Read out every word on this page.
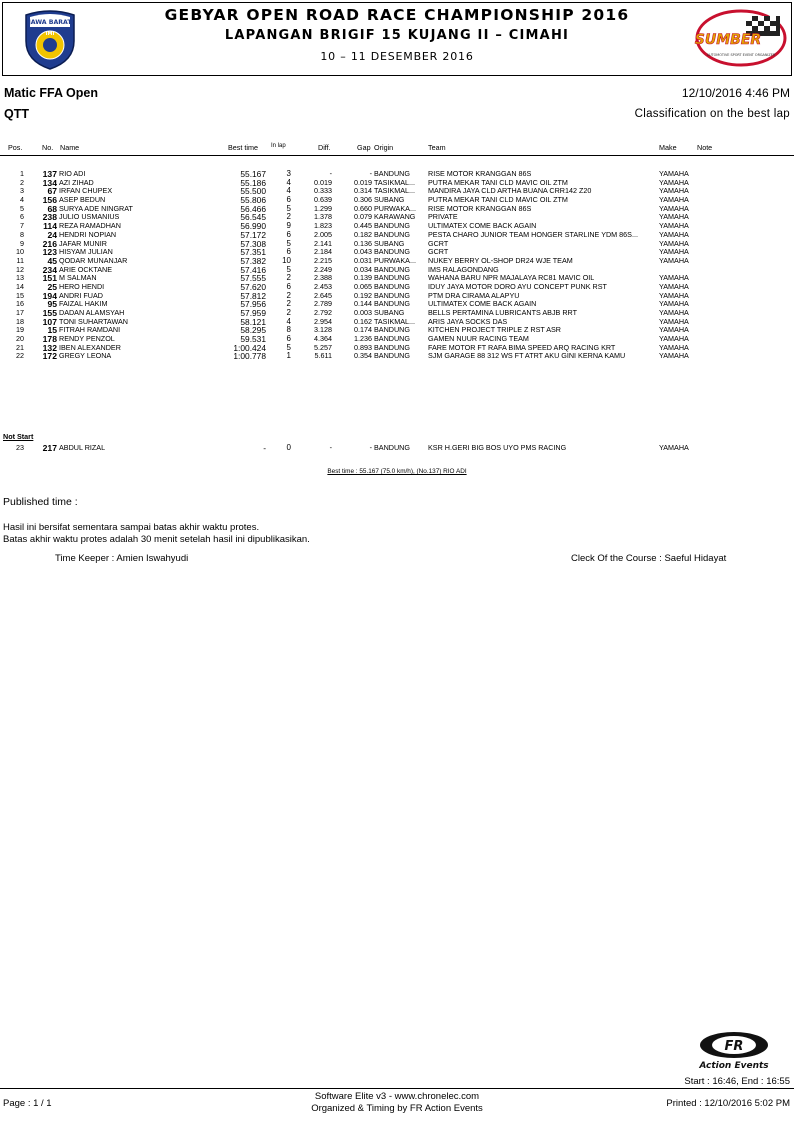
JAWA BARAT
IMI
GEBYAR OPEN ROAD RACE CHAMPIONSHIP 2016
LAPANGAN BRIGIF 15 KUJANG II – CIMAHI
10 – 11 DESEMBER 2016
SUMBER
AUTOMOTIVE SPORT EVENT ORGANIZER
Matic FFA Open
QTT
12/10/2016 4:46 PM
Classification on the best lap
Pos.	No. Name	Best time In lap	Diff.	Gap Origin	Team	Make	Note
1 137 RIO ADI	55.167	3	-	- BANDUNG	RISE MOTOR KRANGGAN 86S	YAMAHA
2 134 AZI ZIHAD	55.186	4	0.019	0.019 TASIKMAL...	PUTRA MEKAR TANI CLD MAVIC OIL ZTM	YAMAHA
3	67 IRFAN CHUPEX	55.500	4	0.333	0.314 TASIKMAL...	MANDIRA JAYA CLD ARTHA BUANA CRR142 Z20	YAMAHA
4 156 ASEP BEDUN	55.806	6	0.639	0.306 SUBANG	PUTRA MEKAR TANI CLD MAVIC OIL ZTM	YAMAHA
5	68 SURYA ADE NINGRAT	56.466	5	1.299	0.660 PURWAKA...	RISE MOTOR KRANGGAN 86S	YAMAHA
6 238 JULIO USMANIUS	56.545	2	1.378	0.079 KARAWANG	PRIVATE	YAMAHA
7 114 REZA RAMADHAN	56.990	9	1.823	0.445 BANDUNG	ULTIMATEX COME BACK AGAIN	YAMAHA
8	24 HENDRI NOPIAN	57.172	6	2.005	0.182 BANDUNG	PESTA CHARO JUNIOR TEAM HONGER STARLINE YDM 86S...	YAMAHA
9 216 JAFAR MUNIR	57.308	5	2.141	0.136 SUBANG	GCRT	YAMAHA
10 123 HISYAM JULIAN	57.351	6	2.184	0.043 BANDUNG	GCRT	YAMAHA
11	45 QODAR MUNANJAR	57.382 10	2.215	0.031 PURWAKA...	NUKEY BERRY OL-SHOP DR24 WJE TEAM	YAMAHA
12 234 ARIE OCKTANE	57.416	5	2.249	0.034 BANDUNG	IMS RALAGONDANG
13 151 M SALMAN	57.555	2	2.388	0.139 BANDUNG	WAHANA BARU NPR MAJALAYA RC81 MAVIC OIL	YAMAHA
14	25 HERO HENDI	57.620	6	2.453	0.065 BANDUNG	IDUY JAYA MOTOR DORO AYU CONCEPT PUNK RST	YAMAHA
15 194 ANDRI FUAD	57.812	2	2.645	0.192 BANDUNG	PTM DRA CIRAMA ALAPYU	YAMAHA
16	95 FAIZAL HAKIM	57.956	2	2.789	0.144 BANDUNG	ULTIMATEX COME BACK AGAIN	YAMAHA
17 155 DADAN ALAMSYAH	57.959	2	2.792	0.003 SUBANG	BELLS PERTAMINA LUBRICANTS ABJB RRT	YAMAHA
18 107 TONI SUHARTAWAN	58.121	4	2.954	0.162 TASIKMAL...	ARIS JAYA SOCKS DAS	YAMAHA
19	15 FITRAH RAMDANI	58.295	8	3.128	0.174 BANDUNG	KITCHEN PROJECT TRIPLE Z RST ASR	YAMAHA
20 178 RENDY PENZOL	59.531	6	4.364	1.236 BANDUNG	GAMEN NUUR RACING TEAM	YAMAHA
21 132 IBEN ALEXANDER	1:00.424	5	5.257	0.893 BANDUNG	FARE MOTOR FT RAFA BIMA SPEED ARQ RACING KRT	YAMAHA
22 172 GREGY LEONA	1:00.778	1	5.611	0.354 BANDUNG	SJM GARAGE 88 312 WS FT ATRT AKU GINI KERNA KAMU	YAMAHA
Not Start
23 217 ABDUL RIZAL	-	0	-	- BANDUNG	KSR H.GERI BIG BOS UYO PMS RACING	YAMAHA
Best time : 55.167 (75.0 km/h), (No.137) RIO ADI
Published time :
Hasil ini bersifat sementara sampai batas akhir waktu protes.
Batas akhir waktu protes adalah 30 menit setelah hasil ini dipublikasikan.
Time Keeper : Amien Iswahyudi	Cleck Of the Course : Saeful Hidayat
FR
Action Events
Start : 16:46, End : 16:55
Page : 1 / 1
Software Elite v3 - www.chronelec.com
Organized & Timing by FR Action Events	Printed : 12/10/2016 5:02 PM
